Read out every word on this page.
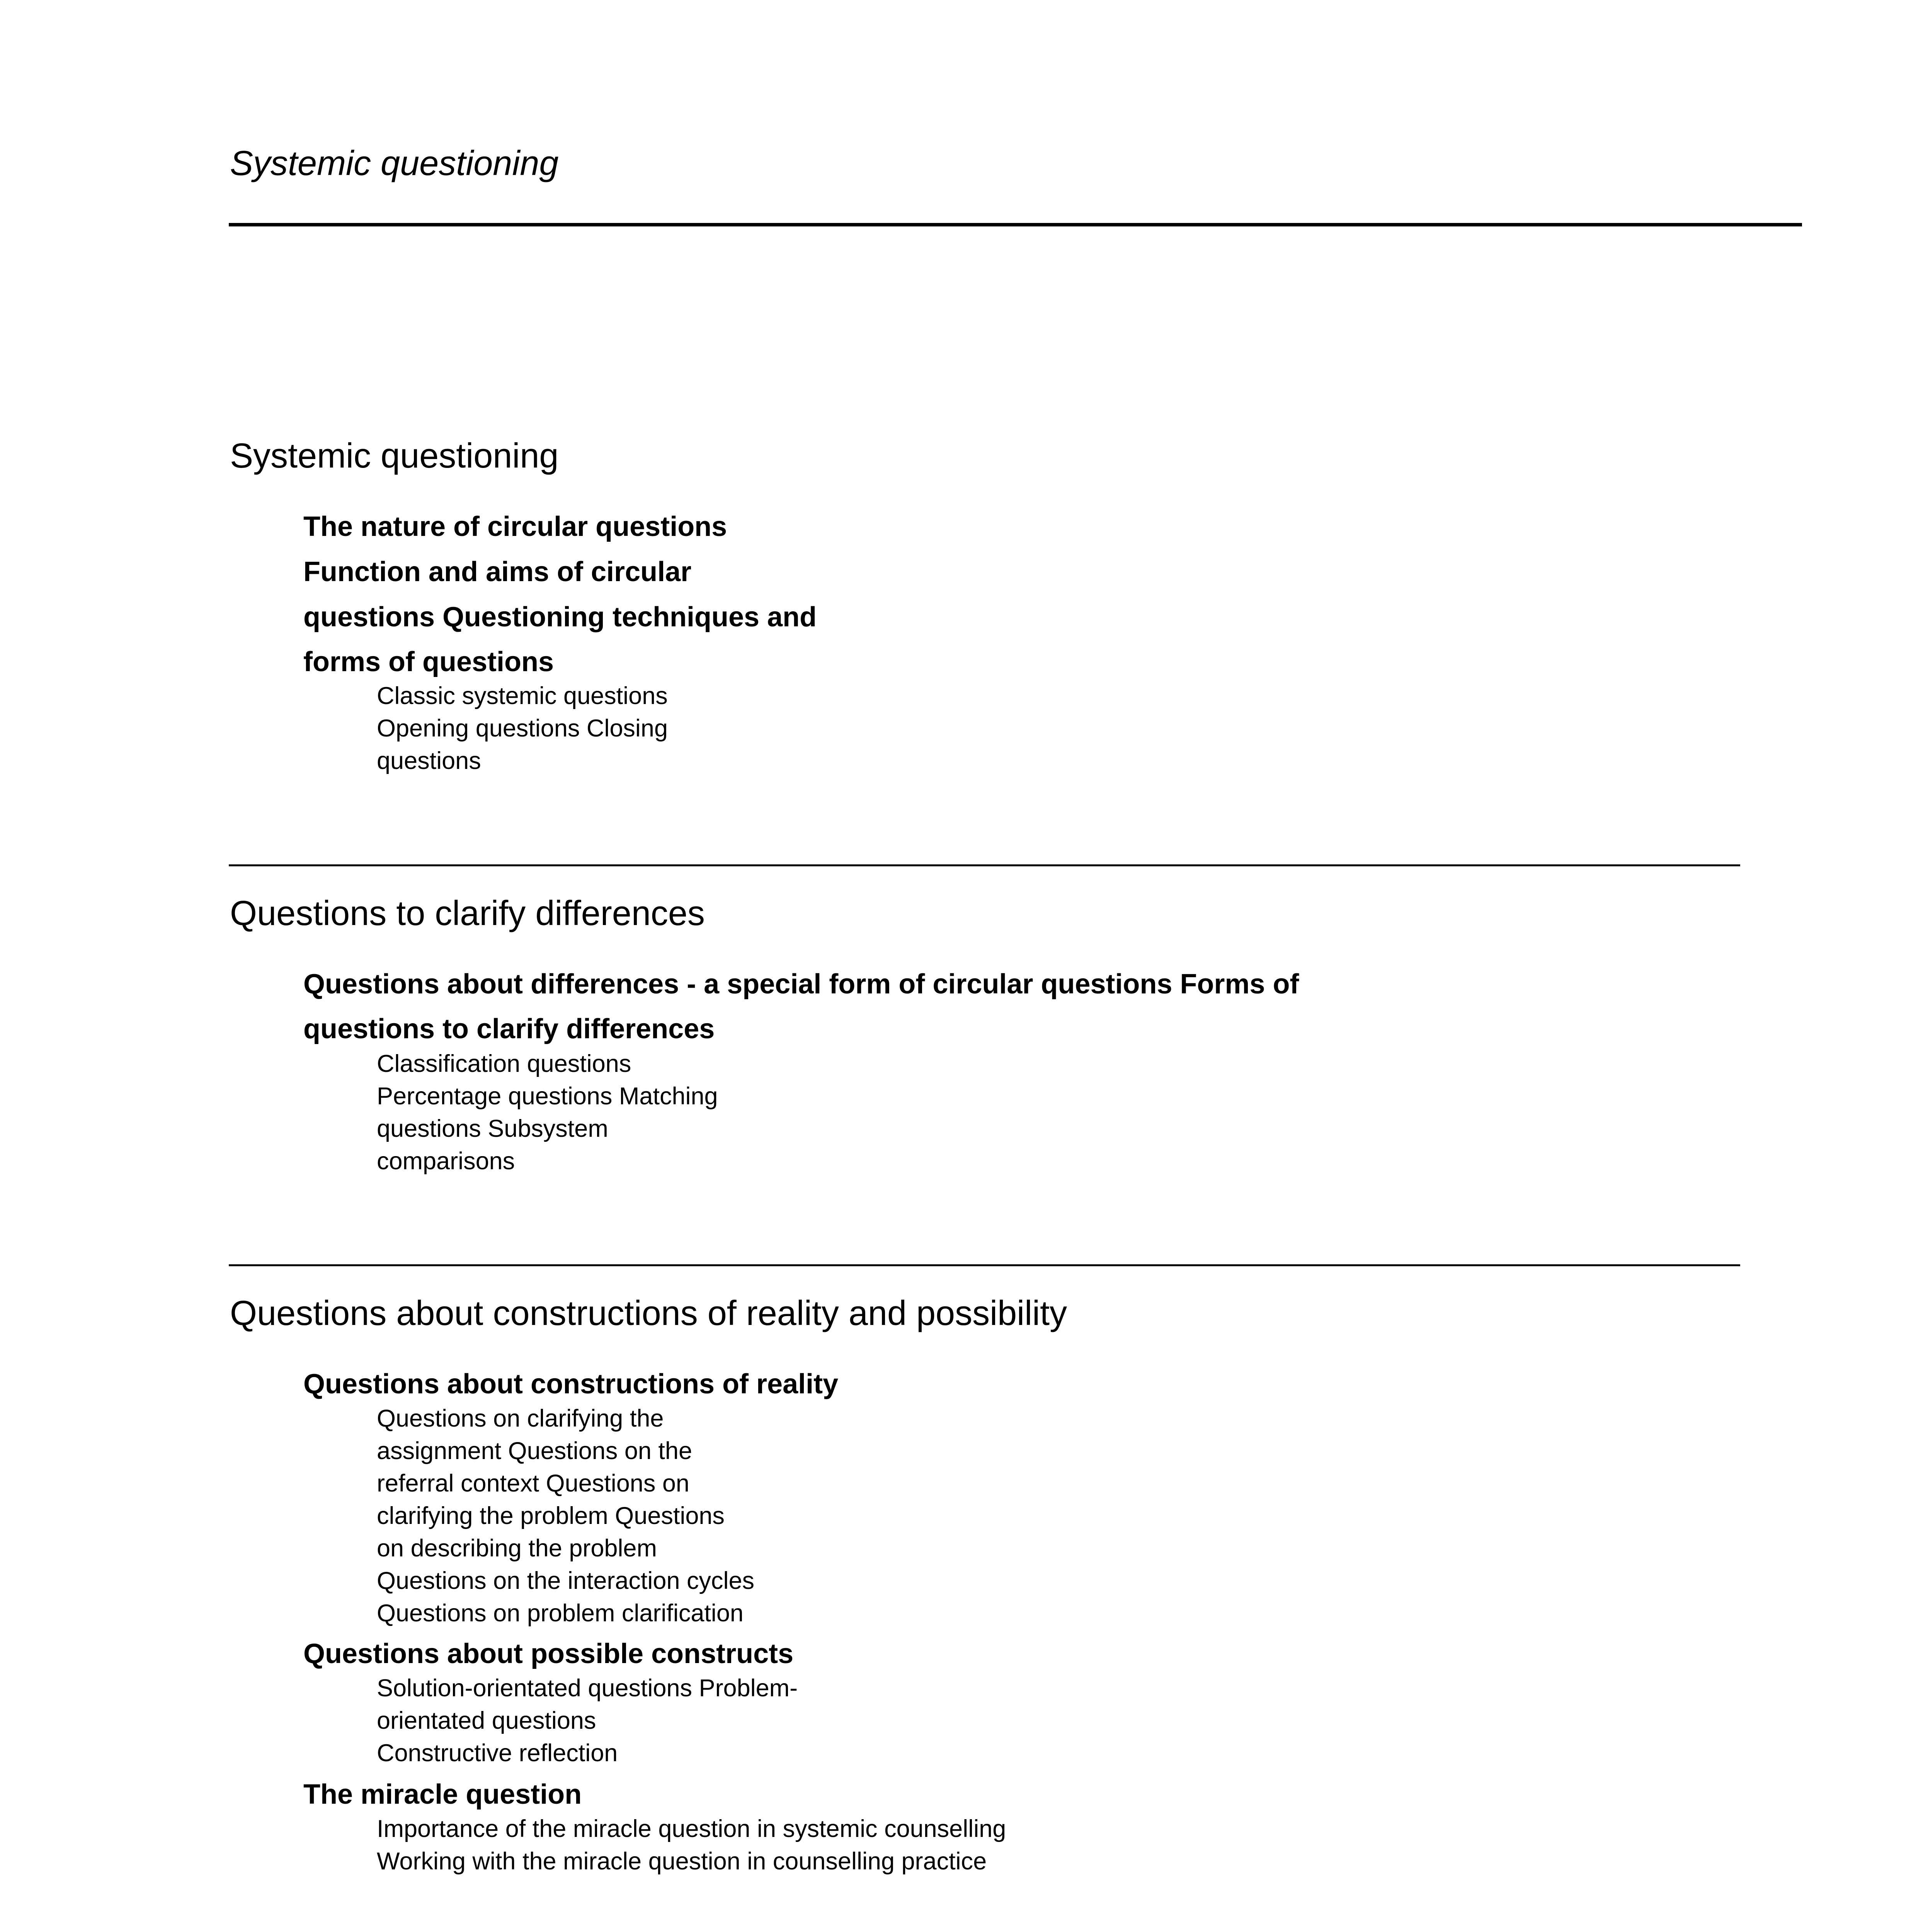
Systemic questioning

Systemic questioning

The nature of circular questions

Function and aims of circular

questions Questioning techniques and

forms of questions

Classic systemic questions

Opening questions Closing

questions

Questions to clarify differences

Questions about differences - a special form of circular questions Forms of

questions to clarify differences

Classification questions

Percentage questions Matching

questions Subsystem

comparisons

Questions about constructions of reality and possibility

Questions about constructions of reality

Questions on clarifying the

assignment Questions on the

referral context Questions on

clarifying the problem Questions

on describing the problem

Questions on the interaction cycles

Questions on problem clarification

Questions about possible constructs

Solution-orientated questions Problem-

orientated questions

Constructive reflection

The miracle question

Importance of the miracle question in systemic counselling

Working with the miracle question in counselling practice
